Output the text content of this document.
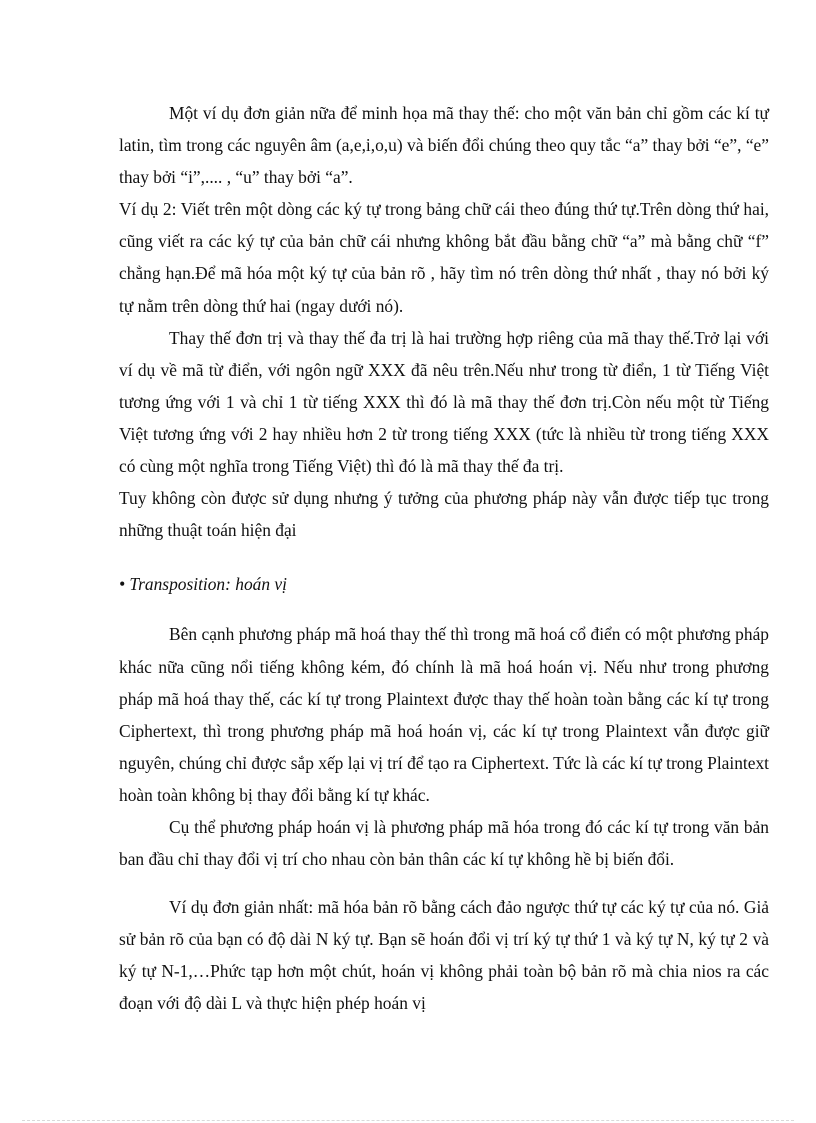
Một ví dụ đơn giản nữa để minh họa mã thay thế: cho một văn bản chỉ gồm các kí tự latin, tìm trong các nguyên âm (a,e,i,o,u) và biến đổi chúng theo quy tắc “a” thay bởi “e”, “e” thay bởi “i”,.... , “u” thay bởi “a”.

Ví dụ 2: Viết trên một dòng các ký tự trong bảng chữ cái theo đúng thứ tự.Trên dòng thứ hai, cũng viết ra các ký tự của bản chữ cái nhưng không bắt đầu bằng chữ “a” mà bằng chữ “f” chẳng hạn.Để mã hóa một ký tự của bản rõ , hãy tìm nó trên dòng thứ nhất , thay nó bởi ký tự nằm trên dòng thứ hai (ngay dưới nó).

Thay thế đơn trị và thay thế đa trị là hai trường hợp riêng của mã thay thế.Trở lại với ví dụ về mã từ điển, với ngôn ngữ XXX đã nêu trên.Nếu như trong từ điển, 1 từ Tiếng Việt tương ứng với 1 và chỉ 1 từ tiếng XXX thì đó là mã thay thế đơn trị.Còn nếu một từ Tiếng Việt tương ứng với 2 hay nhiều hơn 2 từ trong tiếng XXX (tức là nhiều từ trong tiếng XXX có cùng một nghĩa trong Tiếng Việt) thì đó là mã thay thế đa trị.

Tuy không còn được sử dụng nhưng ý tưởng của phương pháp này vẫn được tiếp tục trong những thuật toán hiện đại

• Transposition: hoán vị

Bên cạnh phương pháp mã hoá thay thế thì trong mã hoá cổ điển có một phương pháp khác nữa cũng nổi tiếng không kém, đó chính là mã hoá hoán vị. Nếu như trong phương pháp mã hoá thay thế, các kí tự trong Plaintext được thay thế hoàn toàn bằng các kí tự trong Ciphertext, thì trong phương pháp mã hoá hoán vị, các kí tự trong Plaintext vẫn được giữ nguyên, chúng chỉ được sắp xếp lại vị trí để tạo ra Ciphertext. Tức là các kí tự trong Plaintext hoàn toàn không bị thay đổi bằng kí tự khác.

Cụ thể phương pháp hoán vị là phương pháp mã hóa trong đó các kí tự trong văn bản ban đầu chỉ thay đổi vị trí cho nhau còn bản thân các kí tự không hề bị biến đổi.

Ví dụ đơn giản nhất: mã hóa bản rõ bằng cách đảo ngược thứ tự các ký tự của nó. Giả sử bản rõ của bạn có độ dài N ký tự. Bạn sẽ hoán đổi vị trí ký tự thứ 1 và ký tự N, ký tự 2 và ký tự N-1,…Phức tạp hơn một chút, hoán vị không phải toàn bộ bản rõ mà chia nios ra các đoạn với độ dài L và thực hiện phép hoán vị
